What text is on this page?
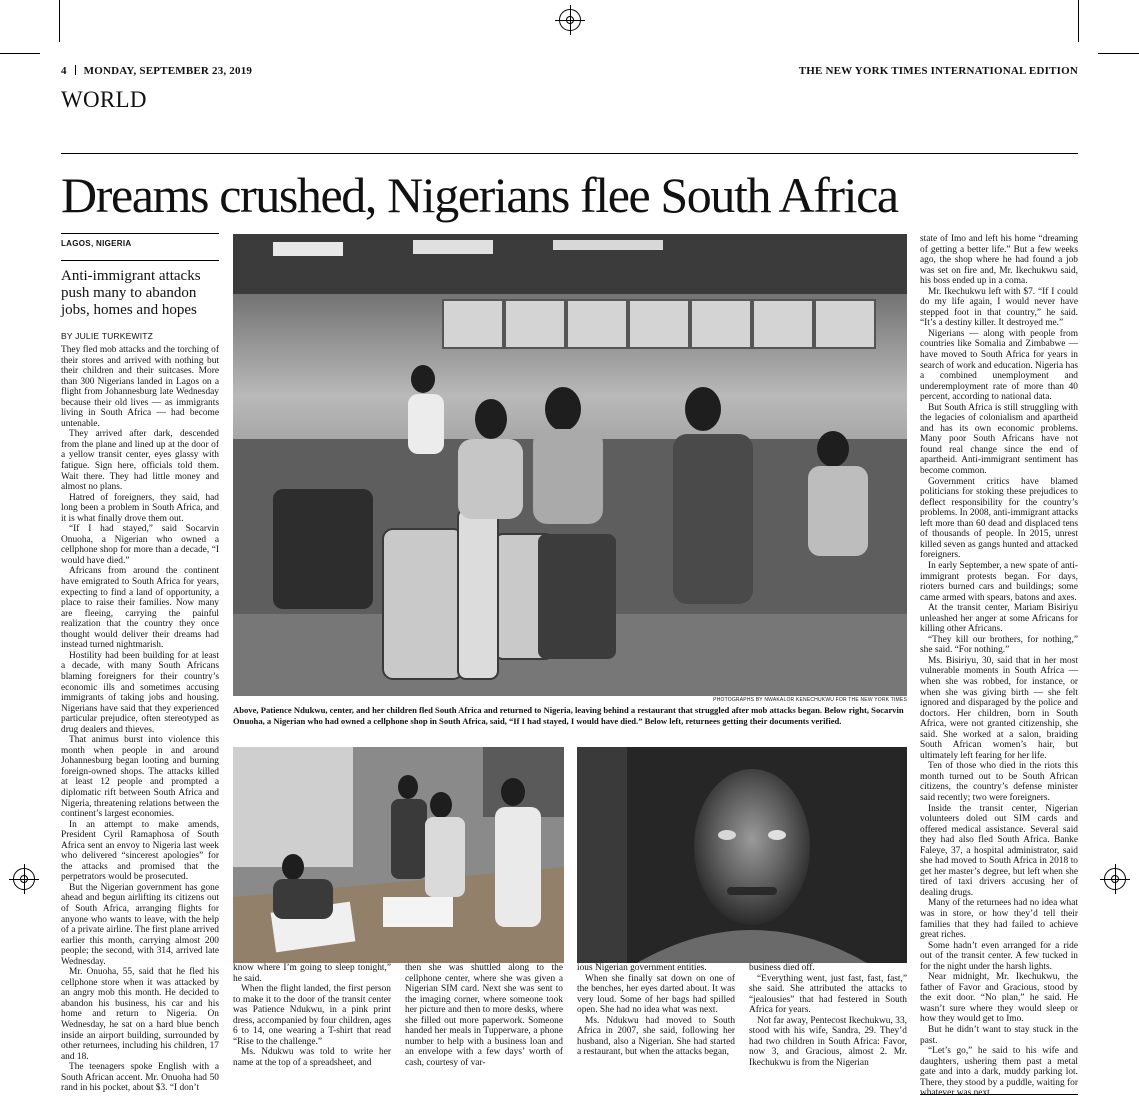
4 MONDAY, SEPTEMBER 23, 2019	THE NEW YORK TIMES INTERNATIONAL EDITION
WORLD
Dreams crushed, Nigerians flee South Africa
LAGOS, NIGERIA
Anti-immigrant attacks push many to abandon jobs, homes and hopes
BY JULIE TURKEWITZ

They fled mob attacks and the torching of their stores and arrived with nothing but their children and their suitcases. More than 300 Nigerians landed in Lagos on a flight from Johannesburg late Wednesday because their old lives — as immigrants living in South Africa — had become untenable.

They arrived after dark, descended from the plane and lined up at the door of a yellow transit center, eyes glassy with fatigue. Sign here, officials told them. Wait there. They had little money and almost no plans.

Hatred of foreigners, they said, had long been a problem in South Africa, and it is what finally drove them out.

“If I had stayed,” said Socarvin Onuoha, a Nigerian who owned a cellphone shop for more than a decade, “I would have died.”

Africans from around the continent have emigrated to South Africa for years, expecting to find a land of opportunity, a place to raise their families. Now many are fleeing, carrying the painful realization that the country they once thought would deliver their dreams had instead turned nightmarish.

Hostility had been building for at least a decade, with many South Africans blaming foreigners for their country’s economic ills and sometimes accusing immigrants of taking jobs and housing. Nigerians have said that they experienced particular prejudice, often stereotyped as drug dealers and thieves.

That animus burst into violence this month when people in and around Johannesburg began looting and burning foreign-owned shops. The attacks killed at least 12 people and prompted a diplomatic rift between South Africa and Nigeria, threatening relations between the continent’s largest economies.

In an attempt to make amends, President Cyril Ramaphosa of South Africa sent an envoy to Nigeria last week who delivered “sincerest apologies” for the attacks and promised that the perpetrators would be prosecuted.

But the Nigerian government has gone ahead and begun airlifting its citizens out of South Africa, arranging flights for anyone who wants to leave, with the help of a private airline. The first plane arrived earlier this month, carrying almost 200 people; the second, with 314, arrived late Wednesday.

Mr. Onuoha, 55, said that he fled his cellphone store when it was attacked by an angry mob this month. He decided to abandon his business, his car and his home and return to Nigeria. On Wednesday, he sat on a hard blue bench inside an airport building, surrounded by other returnees, including his children, 17 and 18.

The teenagers spoke English with a South African accent. Mr. Onuoha had 50 rand in his pocket, about $3. “I don’t

PHOTOGRAPHS BY NWAKALOR KENECHUKWU FOR THE NEW YORK TIMES
Above, Patience Ndukwu, center, and her children fled South Africa and returned to Nigeria, leaving behind a restaurant that struggled after mob attacks began. Below right, Socarvin Onuoha, a Nigerian who had owned a cellphone shop in South Africa, said, “If I had stayed, I would have died.” Below left, returnees getting their documents verified.

know where I’m going to sleep tonight,” he said.

When the flight landed, the first person to make it to the door of the transit center was Patience Ndukwu, in a pink print dress, accompanied by four children, ages 6 to 14, one wearing a T-shirt that read “Rise to the challenge.”

Ms. Ndukwu was told to write her name at the top of a spreadsheet, and

then she was shuttled along to the cellphone center, where she was given a Nigerian SIM card. Next she was sent to the imaging corner, where someone took her picture and then to more desks, where she filled out more paperwork. Someone handed her meals in Tupperware, a phone number to help with a business loan and an envelope with a few days’ worth of cash, courtesy of var-

ious Nigerian government entities.

When she finally sat down on one of the benches, her eyes darted about. It was very loud. Some of her bags had spilled open. She had no idea what was next.

Ms. Ndukwu had moved to South Africa in 2007, she said, following her husband, also a Nigerian. She had started a restaurant, but when the attacks began,

business died off.

“Everything went, just fast, fast, fast,” she said. She attributed the attacks to “jealousies” that had festered in South Africa for years.

Not far away, Pentecost Ikechukwu, 33, stood with his wife, Sandra, 29. They’d had two children in South Africa: Favor, now 3, and Gracious, almost 2. Mr. Ikechukwu is from the Nigerian

state of Imo and left his home “dreaming of getting a better life.” But a few weeks ago, the shop where he had found a job was set on fire and, Mr. Ikechukwu said, his boss ended up in a coma.

Mr. Ikechukwu left with $7. “If I could do my life again, I would never have stepped foot in that country,” he said. “It’s a destiny killer. It destroyed me.”

Nigerians — along with people from countries like Somalia and Zimbabwe — have moved to South Africa for years in search of work and education. Nigeria has a combined unemployment and underemployment rate of more than 40 percent, according to national data.

But South Africa is still struggling with the legacies of colonialism and apartheid and has its own economic problems. Many poor South Africans have not found real change since the end of apartheid. Anti-immigrant sentiment has become common.

Government critics have blamed politicians for stoking these prejudices to deflect responsibility for the country’s problems. In 2008, anti-immigrant attacks left more than 60 dead and displaced tens of thousands of people. In 2015, unrest killed seven as gangs hunted and attacked foreigners.

In early September, a new spate of anti-immigrant protests began. For days, rioters burned cars and buildings; some came armed with spears, batons and axes.

At the transit center, Mariam Bisiriyu unleashed her anger at some Africans for killing other Africans.

“They kill our brothers, for nothing,” she said. “For nothing.”

Ms. Bisiriyu, 30, said that in her most vulnerable moments in South Africa — when she was robbed, for instance, or when she was giving birth — she felt ignored and disparaged by the police and doctors. Her children, born in South Africa, were not granted citizenship, she said. She worked at a salon, braiding South African women’s hair, but ultimately left fearing for her life.

Ten of those who died in the riots this month turned out to be South African citizens, the country’s defense minister said recently; two were foreigners.

Inside the transit center, Nigerian volunteers doled out SIM cards and offered medical assistance. Several said they had also fled South Africa. Banke Faleye, 37, a hospital administrator, said she had moved to South Africa in 2018 to get her master’s degree, but left when she tired of taxi drivers accusing her of dealing drugs.

Many of the returnees had no idea what was in store, or how they’d tell their families that they had failed to achieve great riches.

Some hadn’t even arranged for a ride out of the transit center. A few tucked in for the night under the harsh lights.

Near midnight, Mr. Ikechukwu, the father of Favor and Gracious, stood by the exit door. “No plan,” he said. He wasn’t sure where they would sleep or how they would get to Imo.

But he didn’t want to stay stuck in the past.

“Let’s go,” he said to his wife and daughters, ushering them past a metal gate and into a dark, muddy parking lot. There, they stood by a puddle, waiting for
